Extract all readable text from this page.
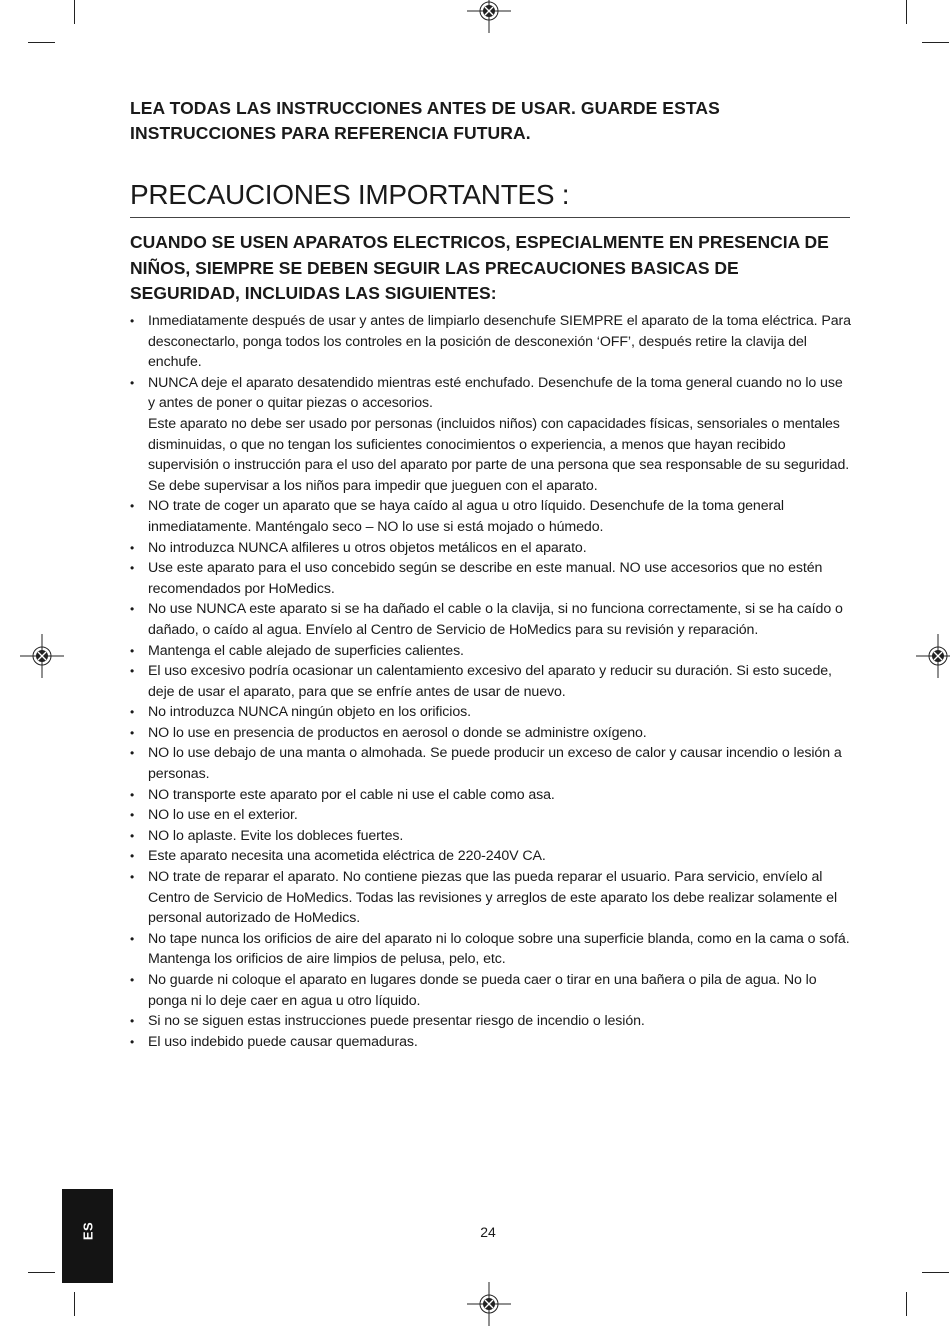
LEA TODAS LAS INSTRUCCIONES ANTES DE USAR. GUARDE ESTAS INSTRUCCIONES PARA REFERENCIA FUTURA.

PRECAUCIONES IMPORTANTES :
CUANDO SE USEN APARATOS ELECTRICOS, ESPECIALMENTE EN PRESENCIA DE NIÑOS, SIEMPRE SE DEBEN SEGUIR LAS PRECAUCIONES BASICAS DE SEGURIDAD, INCLUIDAS LAS SIGUIENTES:
• Inmediatamente después de usar y antes de limpiarlo desenchufe SIEMPRE el aparato de la toma eléctrica. Para desconectarlo, ponga todos los controles en la posición de desconexión ‘OFF’, después retire la clavija del enchufe.

• NUNCA deje el aparato desatendido mientras esté enchufado. Desenchufe de la toma general cuando no lo use y antes de poner o quitar piezas o accesorios.

Este aparato no debe ser usado por personas (incluidos niños) con capacidades físicas, sensoriales o mentales disminuidas, o que no tengan los suficientes conocimientos o experiencia, a menos que hayan recibido supervisión o instrucción para el uso del aparato por parte de una persona que sea responsable de su seguridad.

Se debe supervisar a los niños para impedir que jueguen con el aparato.

• NO trate de coger un aparato que se haya caído al agua u otro líquido. Desenchufe de la toma general inmediatamente. Manténgalo seco – NO lo use si está mojado o húmedo.

• No introduzca NUNCA alfileres u otros objetos metálicos en el aparato.

• Use este aparato para el uso concebido según se describe en este manual. NO use accesorios que no estén recomendados por HoMedics.

• No use NUNCA este aparato si se ha dañado el cable o la clavija, si no funciona correctamente, si se ha caído o dañado, o caído al agua. Envíelo al Centro de Servicio de HoMedics para su revisión y reparación.

• Mantenga el cable alejado de superficies calientes.

• El uso excesivo podría ocasionar un calentamiento excesivo del aparato y reducir su duración. Si esto sucede, deje de usar el aparato, para que se enfríe antes de usar de nuevo.

• No introduzca NUNCA ningún objeto en los orificios.

• NO lo use en presencia de productos en aerosol o donde se administre oxígeno.

• NO lo use debajo de una manta o almohada. Se puede producir un exceso de calor y causar incendio o lesión a personas.

• NO transporte este aparato por el cable ni use el cable como asa.

• NO lo use en el exterior.

• NO lo aplaste. Evite los dobleces fuertes.

• Este aparato necesita una acometida eléctrica de 220-240V CA.

• NO trate de reparar el aparato. No contiene piezas que las pueda reparar el usuario. Para servicio, envíelo al Centro de Servicio de HoMedics. Todas las revisiones y arreglos de este aparato los debe realizar solamente el personal autorizado de HoMedics.

• No tape nunca los orificios de aire del aparato ni lo coloque sobre una superficie blanda, como en la cama o sofá. Mantenga los orificios de aire limpios de pelusa, pelo, etc.

• No guarde ni coloque el aparato en lugares donde se pueda caer o tirar en una bañera o pila de agua. No lo ponga ni lo deje caer en agua u otro líquido.

• Si no se siguen estas instrucciones puede presentar riesgo de incendio o lesión.

• El uso indebido puede causar quemaduras.

ES	24
